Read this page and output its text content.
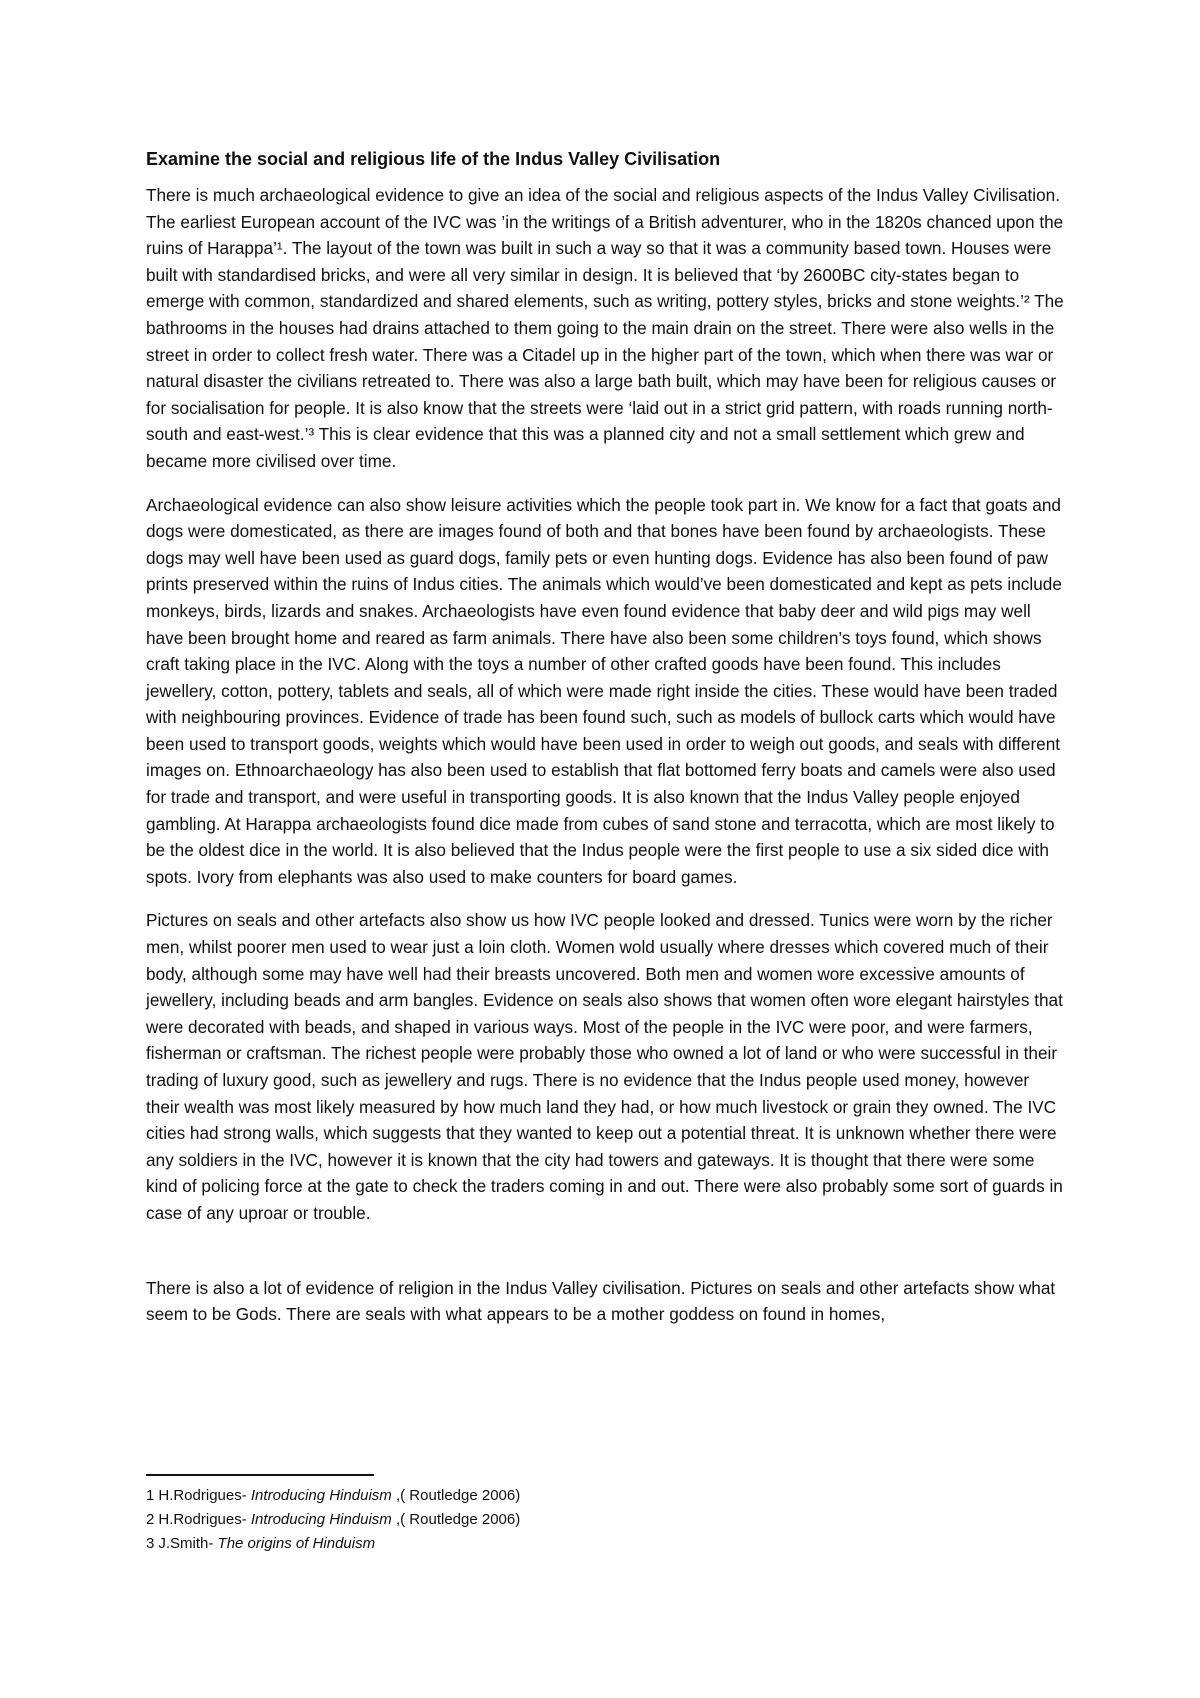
Examine the social and religious life of the Indus Valley Civilisation

There is much archaeological evidence to give an idea of the social and religious aspects of the Indus Valley Civilisation. The earliest European account of the IVC was ’in the writings of a British adventurer, who in the 1820s chanced upon the ruins of Harappa’¹. The layout of the town was built in such a way so that it was a community based town. Houses were built with standardised bricks, and were all very similar in design. It is believed that ‘by 2600BC city-states began to emerge with common, standardized and shared elements, such as writing, pottery styles, bricks and stone weights.’² The bathrooms in the houses had drains attached to them going to the main drain on the street. There were also wells in the street in order to collect fresh water. There was a Citadel up in the higher part of the town, which when there was war or natural disaster the civilians retreated to. There was also a large bath built, which may have been for religious causes or for socialisation for people. It is also know that the streets were ‘laid out in a strict grid pattern, with roads running north-south and east-west.’³ This is clear evidence that this was a planned city and not a small settlement which grew and became more civilised over time.

Archaeological evidence can also show leisure activities which the people took part in. We know for a fact that goats and dogs were domesticated, as there are images found of both and that bones have been found by archaeologists. These dogs may well have been used as guard dogs, family pets or even hunting dogs. Evidence has also been found of paw prints preserved within the ruins of Indus cities. The animals which would’ve been domesticated and kept as pets include monkeys, birds, lizards and snakes. Archaeologists have even found evidence that baby deer and wild pigs may well have been brought home and reared as farm animals. There have also been some children’s toys found, which shows craft taking place in the IVC. Along with the toys a number of other crafted goods have been found. This includes jewellery, cotton, pottery, tablets and seals, all of which were made right inside the cities. These would have been traded with neighbouring provinces. Evidence of trade has been found such, such as models of bullock carts which would have been used to transport goods, weights which would have been used in order to weigh out goods, and seals with different images on. Ethnoarchaeology has also been used to establish that flat bottomed ferry boats and camels were also used for trade and transport, and were useful in transporting goods. It is also known that the Indus Valley people enjoyed gambling. At Harappa archaeologists found dice made from cubes of sand stone and terracotta, which are most likely to be the oldest dice in the world. It is also believed that the Indus people were the first people to use a six sided dice with spots. Ivory from elephants was also used to make counters for board games.

Pictures on seals and other artefacts also show us how IVC people looked and dressed. Tunics were worn by the richer men, whilst poorer men used to wear just a loin cloth. Women wold usually where dresses which covered much of their body, although some may have well had their breasts uncovered. Both men and women wore excessive amounts of jewellery, including beads and arm bangles. Evidence on seals also shows that women often wore elegant hairstyles that were decorated with beads, and shaped in various ways. Most of the people in the IVC were poor, and were farmers, fisherman or craftsman. The richest people were probably those who owned a lot of land or who were successful in their trading of luxury good, such as jewellery and rugs. There is no evidence that the Indus people used money, however their wealth was most likely measured by how much land they had, or how much livestock or grain they owned. The IVC cities had strong walls, which suggests that they wanted to keep out a potential threat. It is unknown whether there were any soldiers in the IVC, however it is known that the city had towers and gateways. It is thought that there were some kind of policing force at the gate to check the traders coming in and out. There were also probably some sort of guards in case of any uproar or trouble.

There is also a lot of evidence of religion in the Indus Valley civilisation. Pictures on seals and other artefacts show what seem to be Gods. There are seals with what appears to be a mother goddess on found in homes,

1 H.Rodrigues- Introducing Hinduism ,( Routledge 2006)
2 H.Rodrigues- Introducing Hinduism ,( Routledge 2006)
3 J.Smith- The origins of Hinduism
